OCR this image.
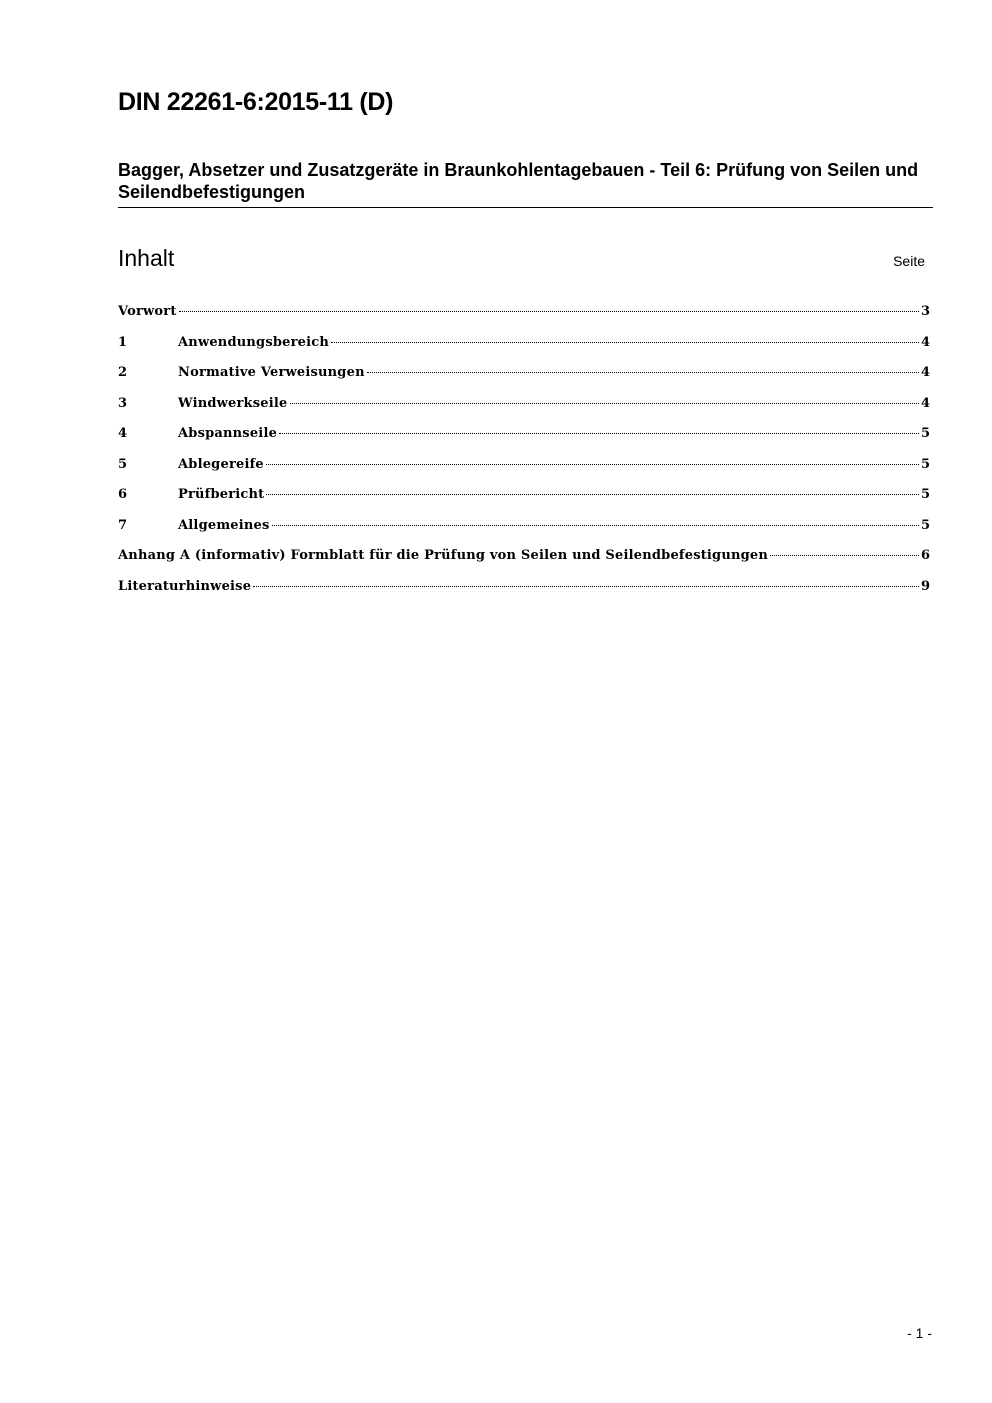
DIN 22261-6:2015-11 (D)
Bagger, Absetzer und Zusatzgeräte in Braunkohlentagebauen - Teil 6: Prüfung von Seilen und Seilendbefestigungen
Inhalt	Seite
Vorwort	3
1	Anwendungsbereich	4
2	Normative Verweisungen	4
3	Windwerkseile	4
4	Abspannseile	5
5	Ablegereife	5
6	Prüfbericht	5
7	Allgemeines	5
Anhang A (informativ) Formblatt für die Prüfung von Seilen und Seilendbefestigungen	6
Literaturhinweise	9
- 1 -
